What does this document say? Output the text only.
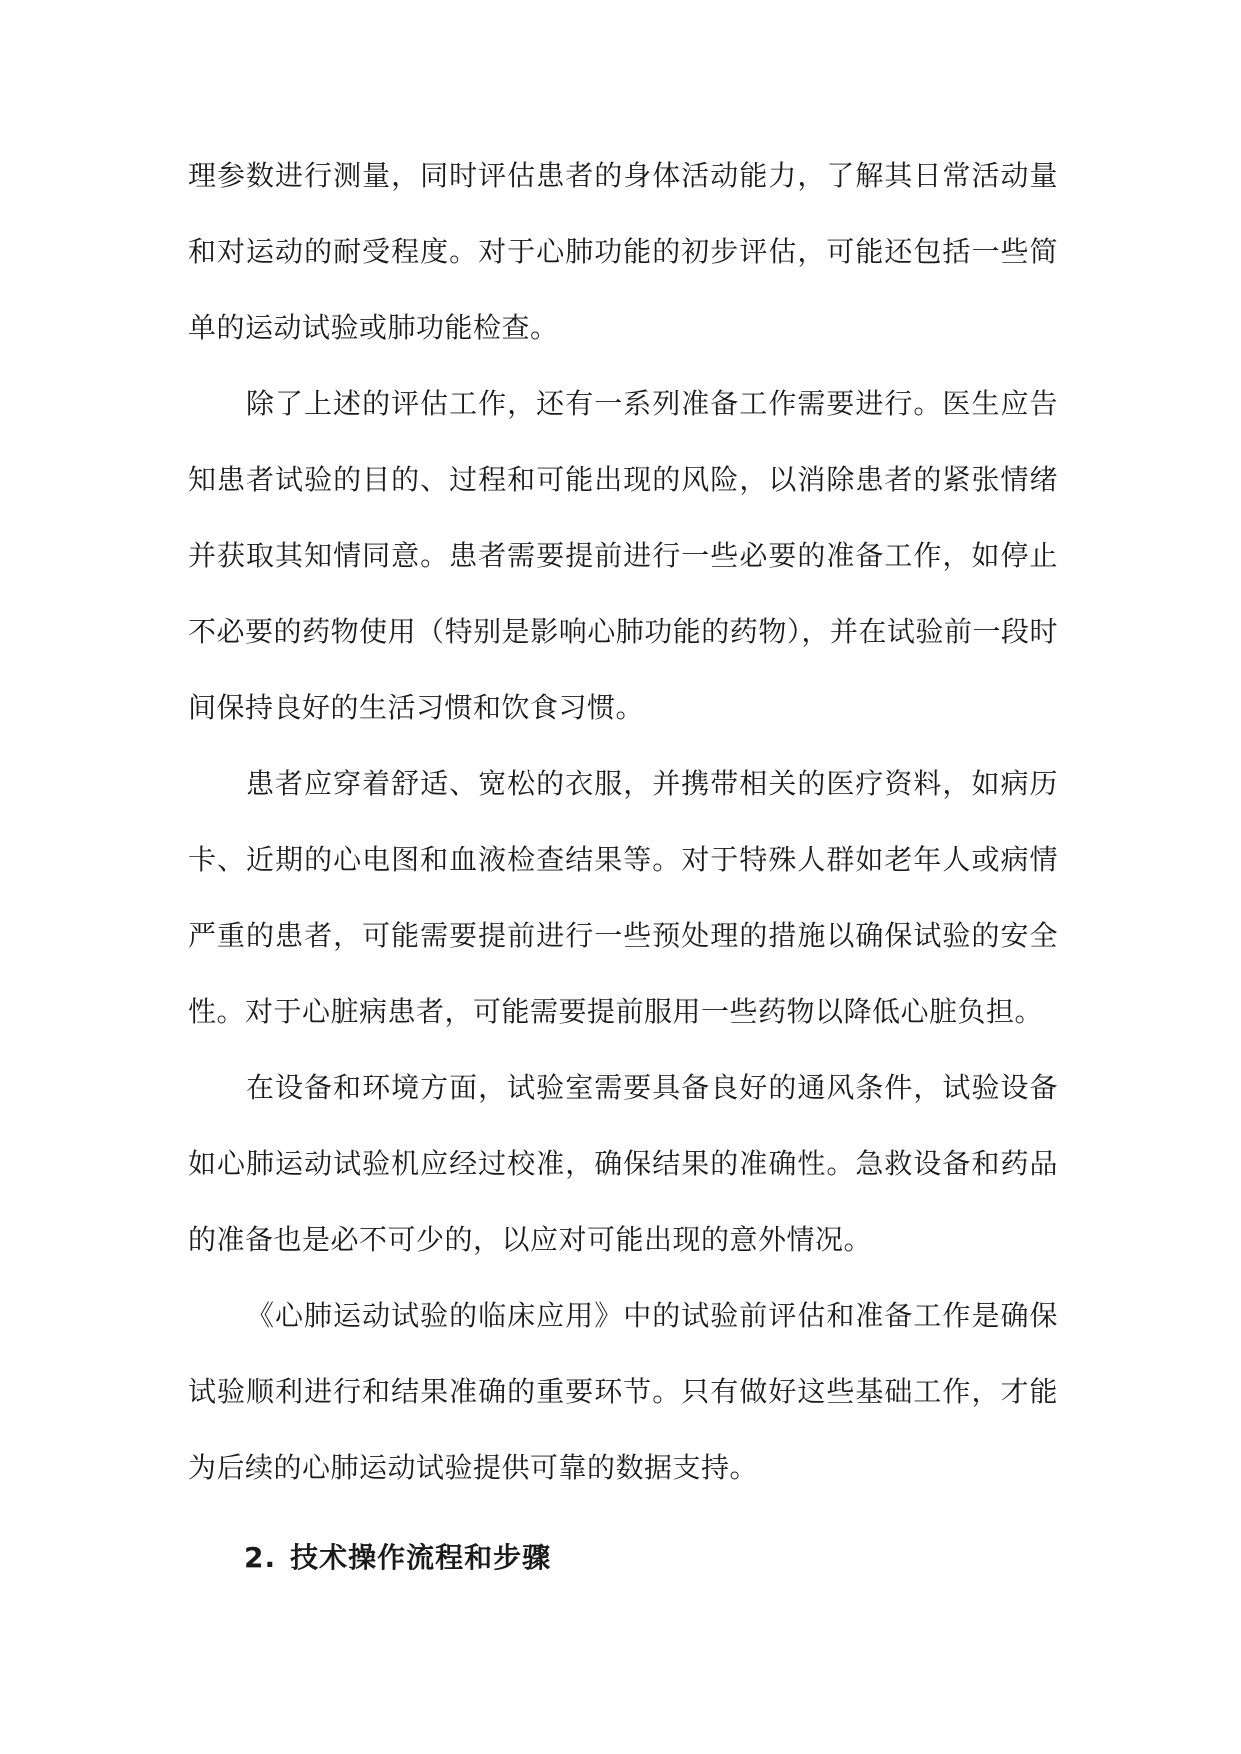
理参数进行测量，同时评估患者的身体活动能力，了解其日常活动量和对运动的耐受程度。对于心肺功能的初步评估，可能还包括一些简单的运动试验或肺功能检查。

除了上述的评估工作，还有一系列准备工作需要进行。医生应告知患者试验的目的、过程和可能出现的风险，以消除患者的紧张情绪并获取其知情同意。患者需要提前进行一些必要的准备工作，如停止不必要的药物使用（特别是影响心肺功能的药物），并在试验前一段时间保持良好的生活习惯和饮食习惯。

患者应穿着舒适、宽松的衣服，并携带相关的医疗资料，如病历卡、近期的心电图和血液检查结果等。对于特殊人群如老年人或病情严重的患者，可能需要提前进行一些预处理的措施以确保试验的安全性。对于心脏病患者，可能需要提前服用一些药物以降低心脏负担。

在设备和环境方面，试验室需要具备良好的通风条件，试验设备如心肺运动试验机应经过校准，确保结果的准确性。急救设备和药品的准备也是必不可少的，以应对可能出现的意外情况。

《心肺运动试验的临床应用》中的试验前评估和准备工作是确保试验顺利进行和结果准确的重要环节。只有做好这些基础工作，才能为后续的心肺运动试验提供可靠的数据支持。

2. 技术操作流程和步骤
